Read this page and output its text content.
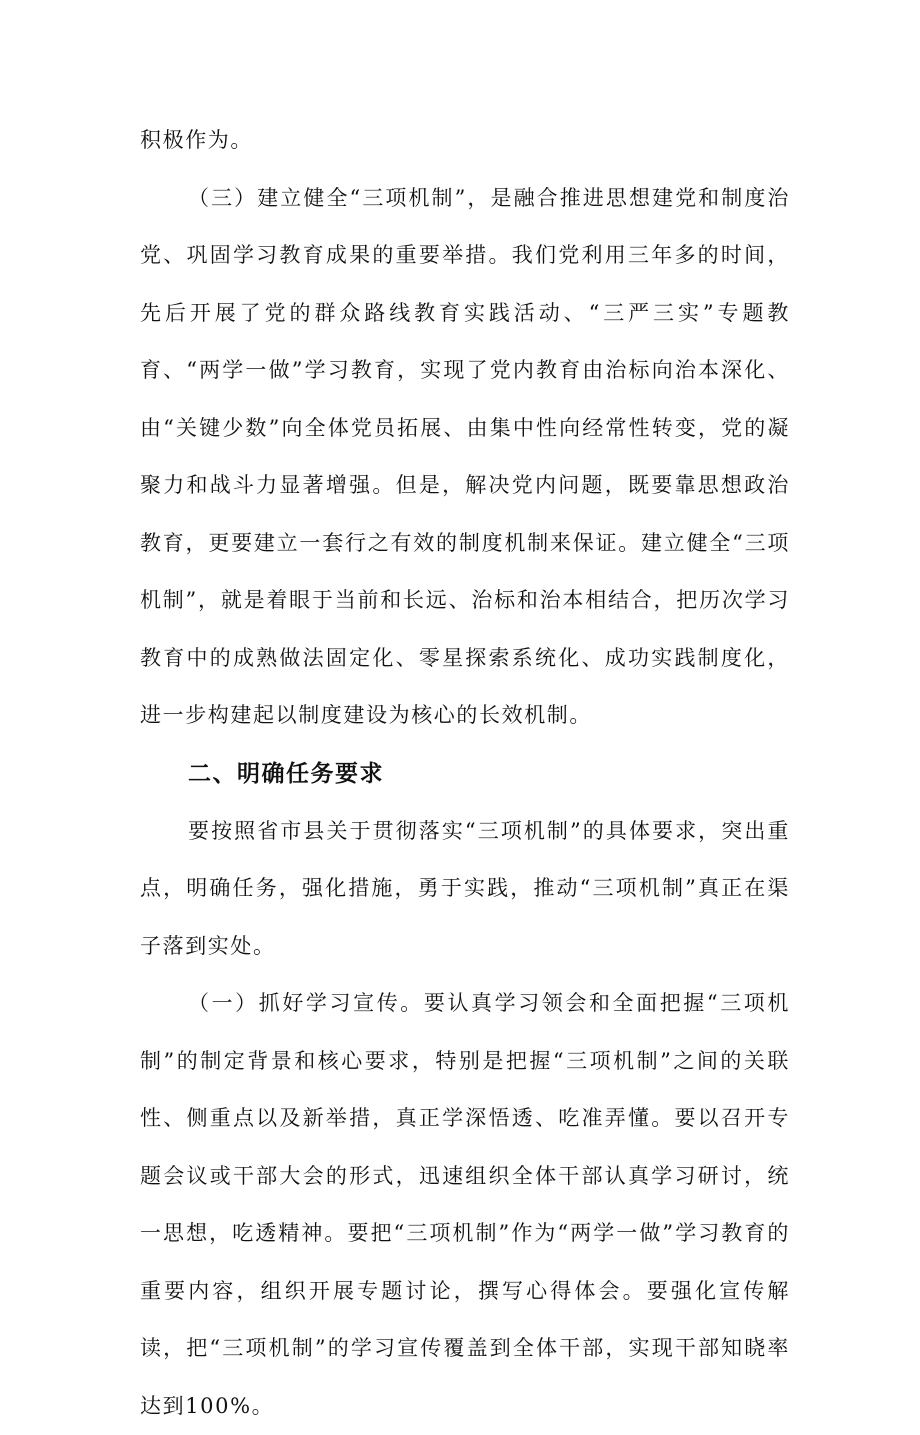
积极作为。

（三）建立健全“三项机制”，是融合推进思想建党和制度治党、巩固学习教育成果的重要举措。我们党利用三年多的时间，先后开展了党的群众路线教育实践活动、“三严三实”专题教育、“两学一做”学习教育，实现了党内教育由治标向治本深化、由“关键少数”向全体党员拓展、由集中性向经常性转变，党的凝聚力和战斗力显著增强。但是，解决党内问题，既要靠思想政治教育，更要建立一套行之有效的制度机制来保证。建立健全“三项机制”，就是着眼于当前和长远、治标和治本相结合，把历次学习教育中的成熟做法固定化、零星探索系统化、成功实践制度化，进一步构建起以制度建设为核心的长效机制。

二、明确任务要求

要按照省市县关于贯彻落实“三项机制”的具体要求，突出重点，明确任务，强化措施，勇于实践，推动“三项机制”真正在渠子落到实处。

（一）抓好学习宣传。要认真学习领会和全面把握“三项机制”的制定背景和核心要求，特别是把握“三项机制”之间的关联性、侧重点以及新举措，真正学深悟透、吃准弄懂。要以召开专题会议或干部大会的形式，迅速组织全体干部认真学习研讨，统一思想，吃透精神。要把“三项机制”作为“两学一做”学习教育的重要内容，组织开展专题讨论，撰写心得体会。要强化宣传解读，把“三项机制”的学习宣传覆盖到全体干部，实现干部知晓率达到100%。
